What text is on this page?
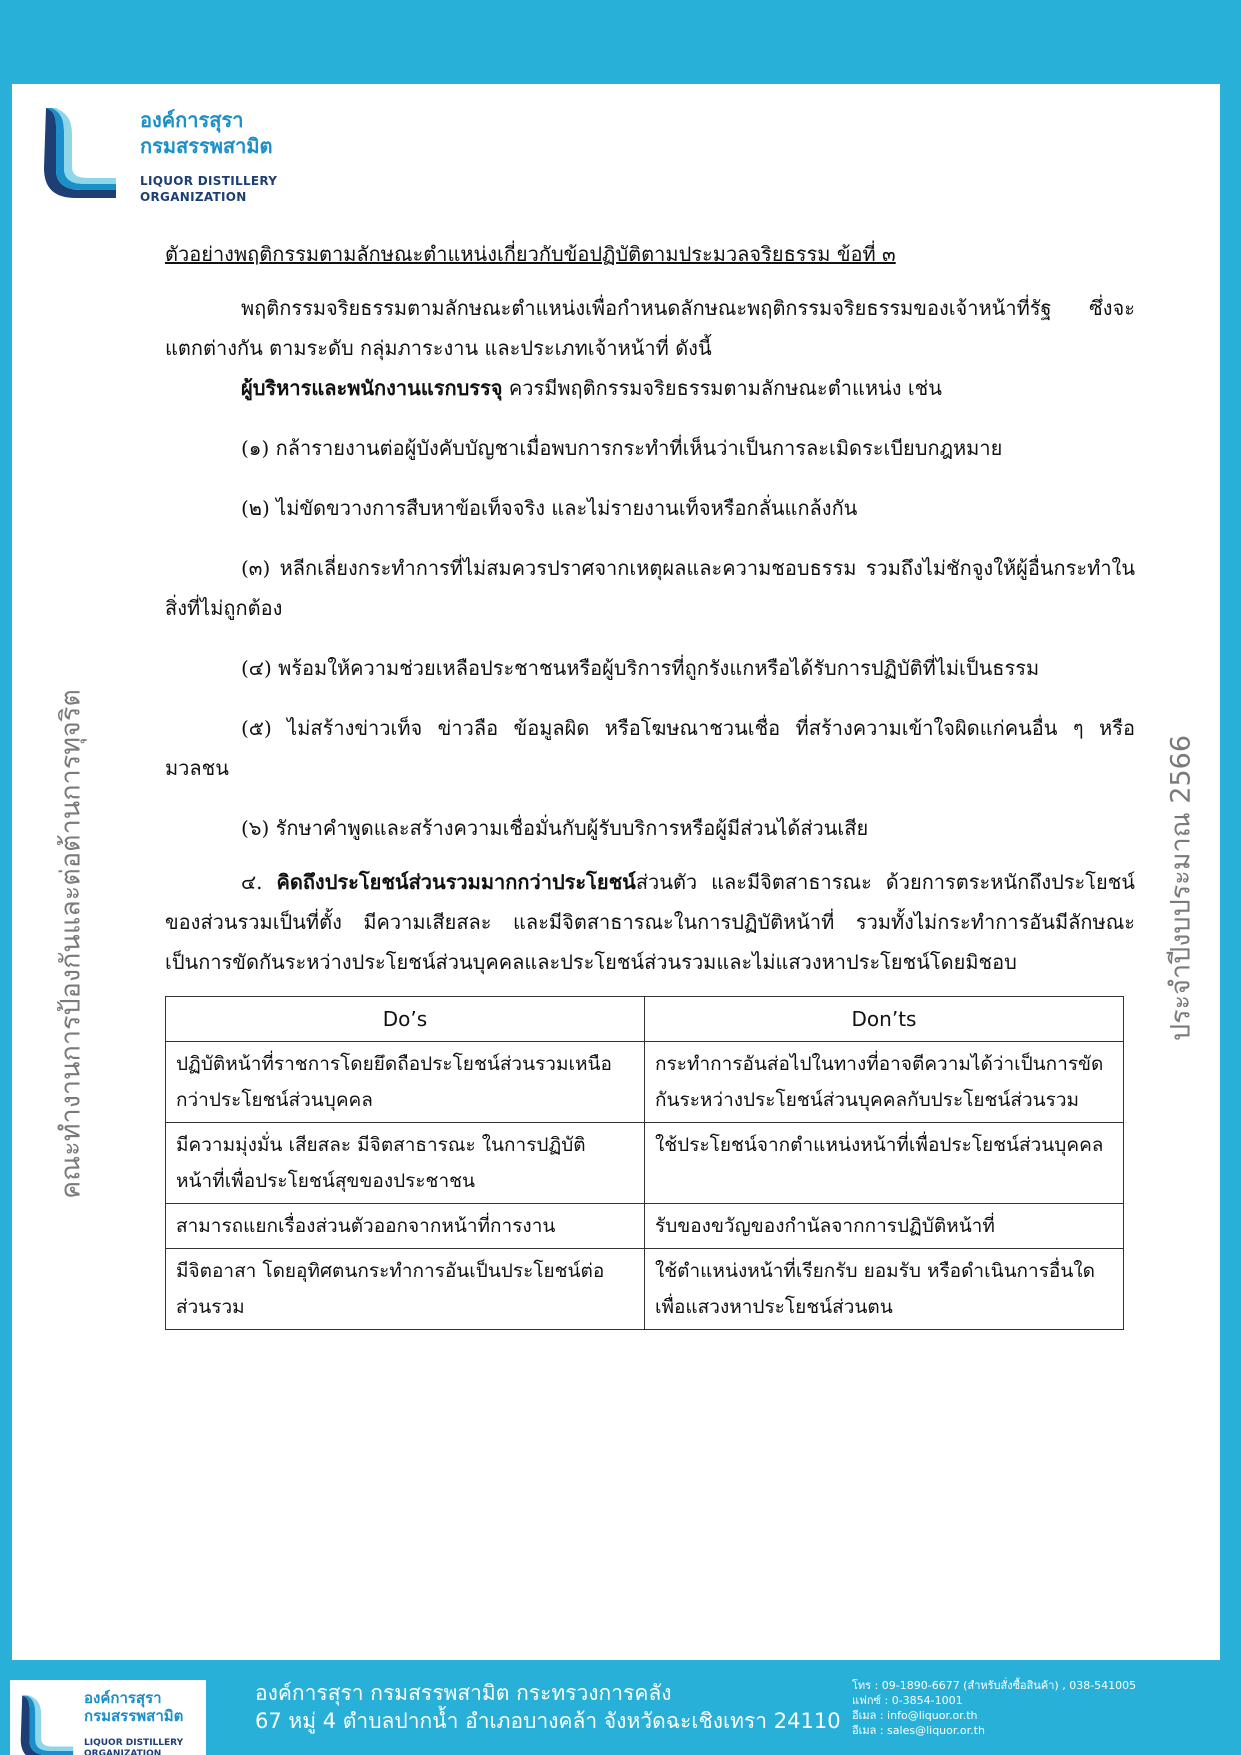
องค์การสุรา
กรมสรรพสามิต
LIQUOR DISTILLERY
ORGANIZATION
คณะทำงานการป้องกันและต่อต้านการทุจริต	ประจำปีงบประมาณ 2566

ตัวอย่างพฤติกรรมตามลักษณะตำแหน่งเกี่ยวกับข้อปฏิบัติตามประมวลจริยธรรม ข้อที่ ๓

พฤติกรรมจริยธรรมตามลักษณะตำแหน่งเพื่อกำหนดลักษณะพฤติกรรมจริยธรรมของเจ้าหน้าที่รัฐ ซึ่งจะแตกต่างกัน ตามระดับ กลุ่มภาระงาน และประเภทเจ้าหน้าที่ ดังนี้

ผู้บริหารและพนักงานแรกบรรจุ ควรมีพฤติกรรมจริยธรรมตามลักษณะตำแหน่ง เช่น

(๑) กล้ารายงานต่อผู้บังคับบัญชาเมื่อพบการกระทำที่เห็นว่าเป็นการละเมิดระเบียบกฎหมาย

(๒) ไม่ขัดขวางการสืบหาข้อเท็จจริง และไม่รายงานเท็จหรือกลั่นแกล้งกัน

(๓) หลีกเลี่ยงกระทำการที่ไม่สมควรปราศจากเหตุผลและความชอบธรรม รวมถึงไม่ชักจูงให้ผู้อื่นกระทำในสิ่งที่ไม่ถูกต้อง

(๔) พร้อมให้ความช่วยเหลือประชาชนหรือผู้บริการที่ถูกรังแกหรือได้รับการปฏิบัติที่ไม่เป็นธรรม

(๕) ไม่สร้างข่าวเท็จ ข่าวลือ ข้อมูลผิด หรือโฆษณาชวนเชื่อ ที่สร้างความเข้าใจผิดแก่คนอื่น ๆ หรือมวลชน

(๖) รักษาคำพูดและสร้างความเชื่อมั่นกับผู้รับบริการหรือผู้มีส่วนได้ส่วนเสีย

๔. คิดถึงประโยชน์ส่วนรวมมากกว่าประโยชน์ส่วนตัว และมีจิตสาธารณะ ด้วยการตระหนักถึงประโยชน์ของส่วนรวมเป็นที่ตั้ง มีความเสียสละ และมีจิตสาธารณะในการปฏิบัติหน้าที่ รวมทั้งไม่กระทำการอันมีลักษณะเป็นการขัดกันระหว่างประโยชน์ส่วนบุคคลและประโยชน์ส่วนรวมและไม่แสวงหาประโยชน์โดยมิชอบ

Do’s	Don’ts
ปฏิบัติหน้าที่ราชการโดยยึดถือประโยชน์ส่วนรวมเหนือกว่าประโยชน์ส่วนบุคคล	กระทำการอันส่อไปในทางที่อาจตีความได้ว่าเป็นการขัดกันระหว่างประโยชน์ส่วนบุคคลกับประโยชน์ส่วนรวม
มีความมุ่งมั่น เสียสละ มีจิตสาธารณะ ในการปฏิบัติหน้าที่เพื่อประโยชน์สุขของประชาชน	ใช้ประโยชน์จากตำแหน่งหน้าที่เพื่อประโยชน์ส่วนบุคคล
สามารถแยกเรื่องส่วนตัวออกจากหน้าที่การงาน	รับของขวัญของกำนัลจากการปฏิบัติหน้าที่
มีจิตอาสา โดยอุทิศตนกระทำการอันเป็นประโยชน์ต่อส่วนรวม	ใช้ตำแหน่งหน้าที่เรียกรับ ยอมรับ หรือดำเนินการอื่นใดเพื่อแสวงหาประโยชน์ส่วนตน
องค์การสุรา
กรมสรรพสามิต
LIQUOR DISTILLERY
ORGANIZATION
องค์การสุรา กรมสรรพสามิต กระทรวงการคลัง
67 หมู่ 4 ตำบลปากน้ำ อำเภอบางคล้า จังหวัดฉะเชิงเทรา 24110
โทร : 09-1890-6677 (สำหรับสั่งซื้อสินค้า) , 038-541005
แฟกซ์ : 0-3854-1001
อีเมล : info@liquor.or.th
อีเมล : sales@liquor.or.th
